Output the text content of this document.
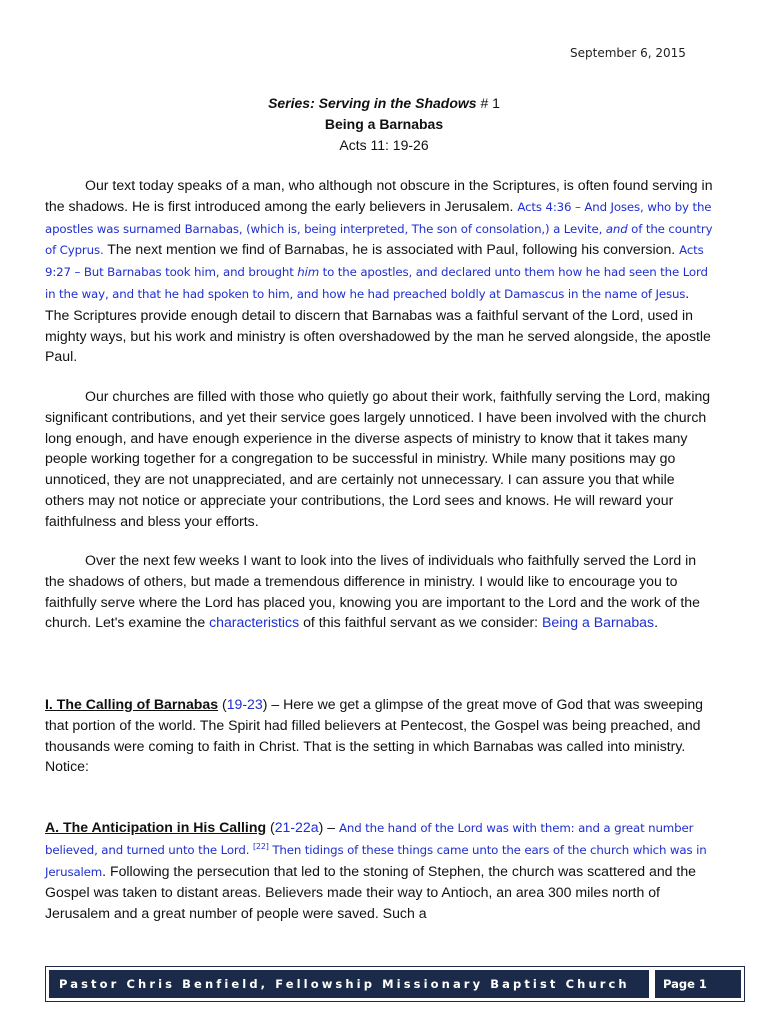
September 6, 2015
Series: Serving in the Shadows # 1
Being a Barnabas
Acts 11: 19-26
Our text today speaks of a man, who although not obscure in the Scriptures, is often found serving in the shadows. He is first introduced among the early believers in Jerusalem. Acts 4:36 – And Joses, who by the apostles was surnamed Barnabas, (which is, being interpreted, The son of consolation,) a Levite, and of the country of Cyprus. The next mention we find of Barnabas, he is associated with Paul, following his conversion. Acts 9:27 – But Barnabas took him, and brought him to the apostles, and declared unto them how he had seen the Lord in the way, and that he had spoken to him, and how he had preached boldly at Damascus in the name of Jesus. The Scriptures provide enough detail to discern that Barnabas was a faithful servant of the Lord, used in mighty ways, but his work and ministry is often overshadowed by the man he served alongside, the apostle Paul.
Our churches are filled with those who quietly go about their work, faithfully serving the Lord, making significant contributions, and yet their service goes largely unnoticed. I have been involved with the church long enough, and have enough experience in the diverse aspects of ministry to know that it takes many people working together for a congregation to be successful in ministry. While many positions may go unnoticed, they are not unappreciated, and are certainly not unnecessary. I can assure you that while others may not notice or appreciate your contributions, the Lord sees and knows. He will reward your faithfulness and bless your efforts.
Over the next few weeks I want to look into the lives of individuals who faithfully served the Lord in the shadows of others, but made a tremendous difference in ministry. I would like to encourage you to faithfully serve where the Lord has placed you, knowing you are important to the Lord and the work of the church. Let's examine the characteristics of this faithful servant as we consider: Being a Barnabas.
I. The Calling of Barnabas (19-23) – Here we get a glimpse of the great move of God that was sweeping that portion of the world. The Spirit had filled believers at Pentecost, the Gospel was being preached, and thousands were coming to faith in Christ. That is the setting in which Barnabas was called into ministry. Notice:
A. The Anticipation in His Calling (21-22a) – And the hand of the Lord was with them: and a great number believed, and turned unto the Lord. [22] Then tidings of these things came unto the ears of the church which was in Jerusalem. Following the persecution that led to the stoning of Stephen, the church was scattered and the Gospel was taken to distant areas. Believers made their way to Antioch, an area 300 miles north of Jerusalem and a great number of people were saved. Such a
Pastor Chris Benfield, Fellowship Missionary Baptist Church	Page 1
